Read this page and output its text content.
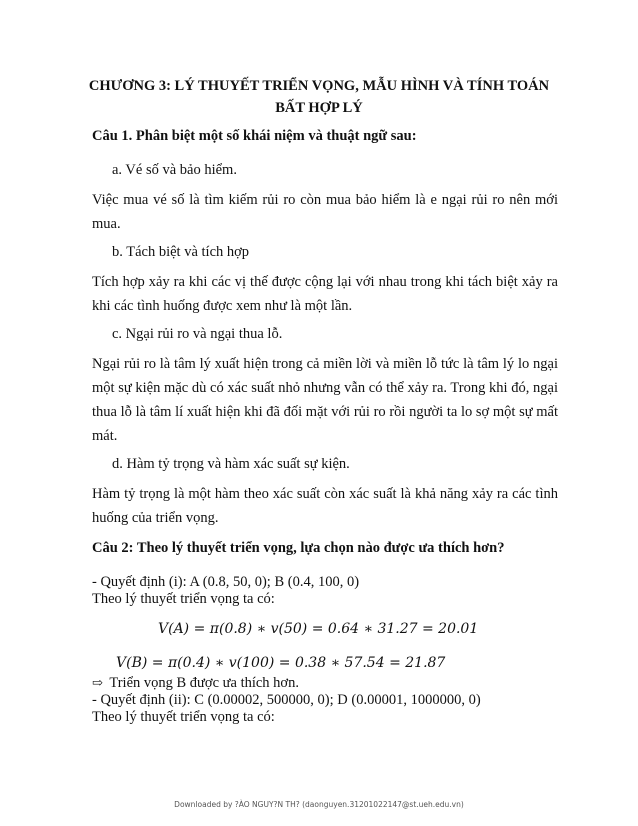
CHƯƠNG 3: LÝ THUYẾT TRIỂN VỌNG, MẪU HÌNH VÀ TÍNH TOÁN
BẤT HỢP LÝ
Câu 1. Phân biệt một số khái niệm và thuật ngữ sau:
a. Vé số và bảo hiểm.
Việc mua vé số là tìm kiếm rủi ro còn mua bảo hiểm là e ngại rủi ro nên mới mua.
b. Tách biệt và tích hợp
Tích hợp xảy ra khi các vị thế được cộng lại với nhau trong khi tách biệt xảy ra khi các tình huống được xem như là một lần.
c. Ngại rủi ro và ngại thua lỗ.
Ngại rủi ro là tâm lý xuất hiện trong cả miền lời và miền lỗ tức là tâm lý lo ngại một sự kiện mặc dù có xác suất nhỏ nhưng vẫn có thể xảy ra. Trong khi đó, ngại thua lỗ là tâm lí xuất hiện khi đã đối mặt với rủi ro rồi người ta lo sợ một sự mất mát.
d. Hàm tỷ trọng và hàm xác suất sự kiện.
Hàm tỷ trọng là một hàm theo xác suất còn xác suất là khả năng xảy ra các tình huống của triển vọng.
Câu 2: Theo lý thuyết triển vọng, lựa chọn nào được ưa thích hơn?
- Quyết định (i): A (0.8, 50, 0); B (0.4, 100, 0)
Theo lý thuyết triển vọng ta có:
V(A) = π(0.8) ∗ v(50) = 0.64 ∗ 31.27 = 20.01
V(B) = π(0.4) ∗ v(100) = 0.38 ∗ 57.54 = 21.87
⇨ Triển vọng B được ưa thích hơn.
- Quyết định (ii): C (0.00002, 500000, 0); D (0.00001, 1000000, 0)
Theo lý thuyết triển vọng ta có:
Downloaded by ?ÀO NGUY?N TH? (daonguyen.31201022147@st.ueh.edu.vn)
